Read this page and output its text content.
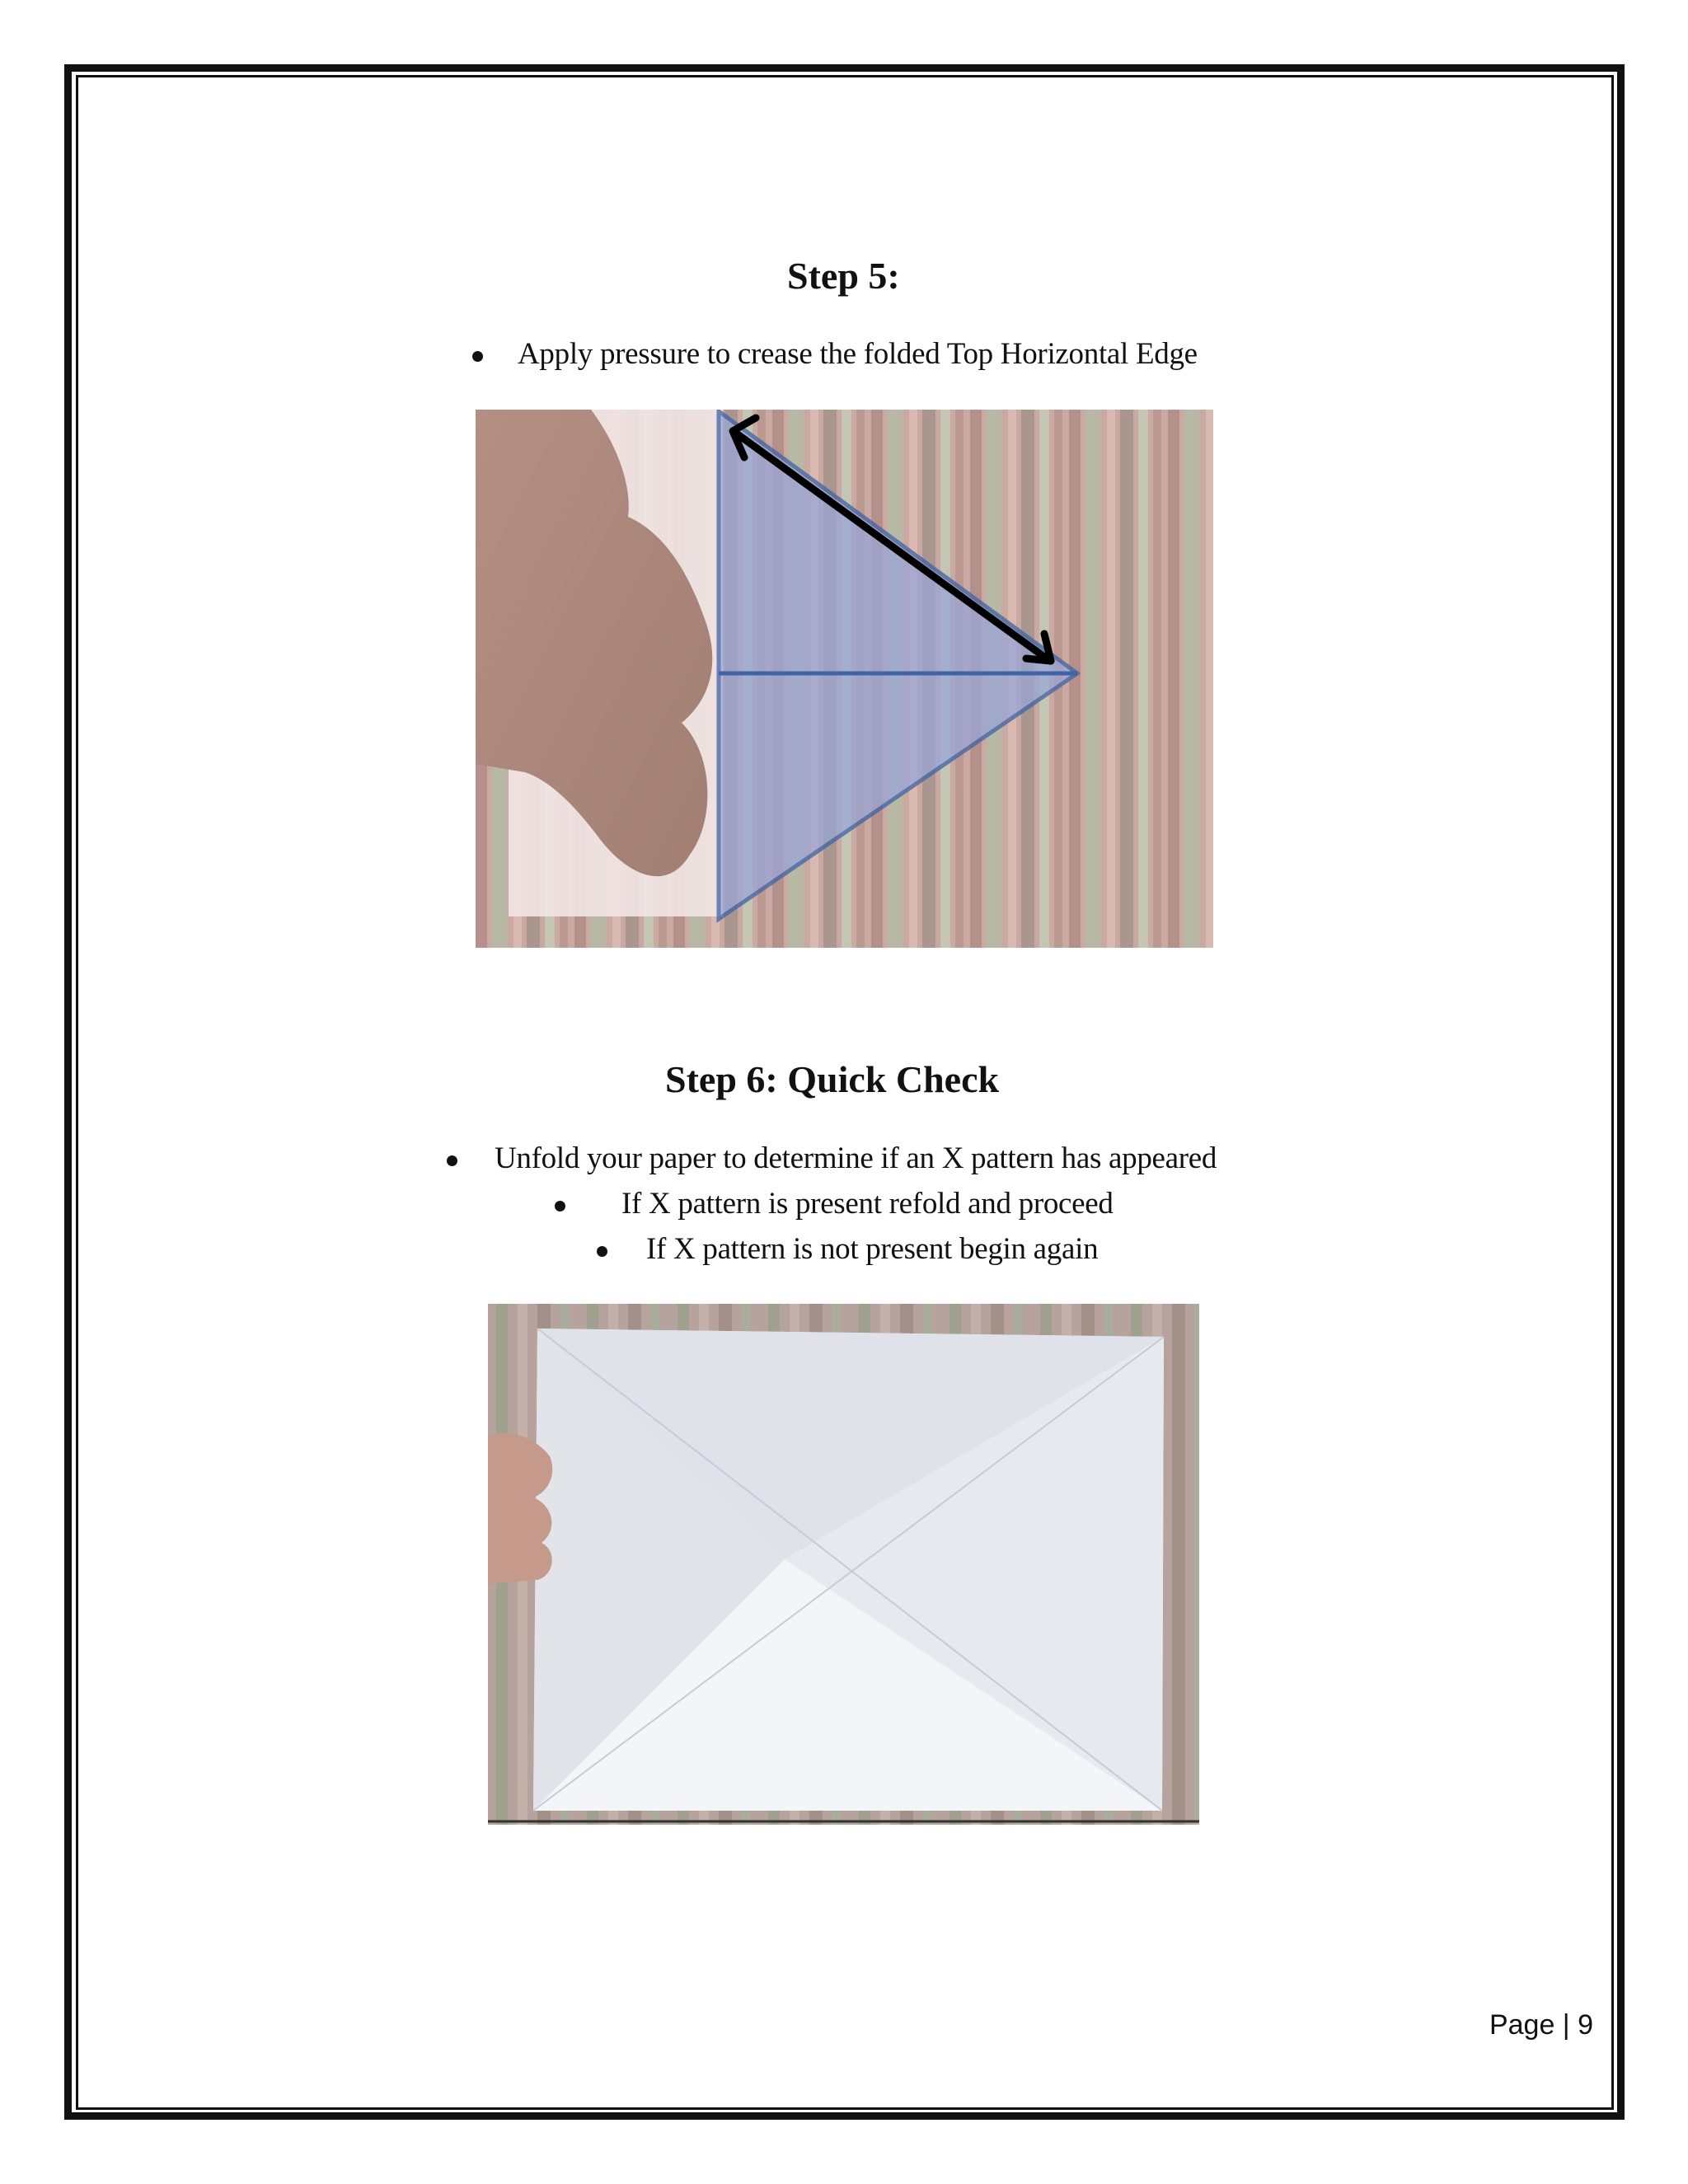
Step 5:
Apply pressure to crease the folded Top Horizontal Edge
Step 6: Quick Check
Unfold your paper to determine if an X pattern has appeared
If X pattern is present refold and proceed
If X pattern is not present begin again
Page | 9
